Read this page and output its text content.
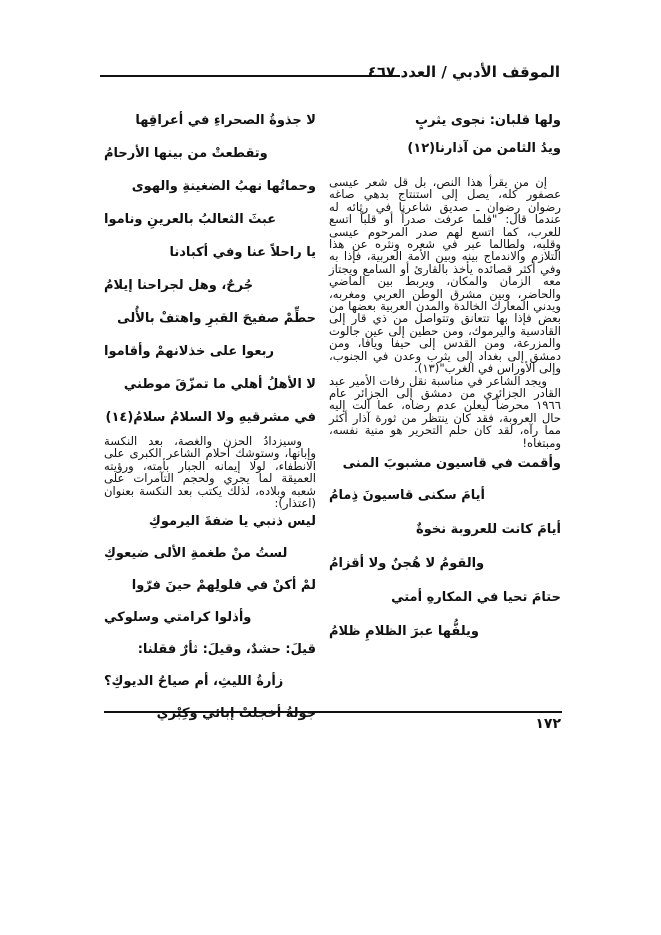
الموقف الأدبي / العدد ٤٦٧
ولها قلبان: نجوى يثربٍ
ويدُ الثامن من آذارنا(١٢)

إن من يقرأ هذا النص، بل قل شعر عيسى عصفور كله، يصل إلى استنتاج بدهي صاغه رضوان رضوان ـ صديق شاعرنا في رثائه له عندما قال: "فلما عرفت صدراً أو قلباً اتسع للعرب، كما اتسع لهم صدر المرحوم عيسى وقلبه، ولطالما عبر في شعره ونثره عن هذا التلازم والاندماج بينه وبين الأمة العربية، فإذا به وفي أكثر قصائده يأخذ بالقارئ أو السامع ويجتاز معه الزمان والمكان، ويربط بين الماضي والحاضر، وبين مشرق الوطن العربي ومغربه، ويدني المعارك الخالدة والمدن العربية بعضها من بعض فإذا بها تتعانق وتتواصل من ذي قار إلى القادسية واليرموك، ومن حطين إلى عين جالوت والمزرعة، ومن القدس إلى حيفا ويافا، ومن دمشق إلى بغداد إلى يثرب وعدن في الجنوب، وإلى الأوراس في الغرب"(١٣).

ويجد الشاعر في مناسبة نقل رفات الأمير عبد القادر الجزائري من دمشق إلى الجزائر عام ١٩٦٦ محرضاً ليعلن عدم رضاه، عما آلت إليه حال العروبة، فقد كان ينتظر من ثورة آذار أكثر مما رآه، لقد كان حلم التحرير هو منية نفسه، ومبتغاه!

وأقمت في قاسيون مشبوبَ المنى
أيامَ سكنى قاسيونَ ذِمامُ
أيامَ كانت للعروبة نخوةٌ
والقومُ لا هُجنٌ ولا أقزامُ
حتامَ تحيا في المكارهِ أمتي
ويلفُّها عبرَ الظلامِ ظلامُ
لا جذوةُ الصحراءِ في أعراقِها
وتقطعتْ من بينها الأرحامُ
وحماتُها نهبُ الضغينةِ والهوى
عبثَ الثعالبُ بالعرينِ وناموا
يا راحلاً عنا وفي أكبادنا
جُرحٌ، وهل لجراحنا إيلامُ
حطِّمْ صفيحَ القبرِ واهتفْ بالأُلى
ربعوا على خذلانهمْ وأقاموا
لا الأهلُ أهلي ما تمزّقَ موطني
في مشرقيهِ ولا السلامُ سلامُ(١٤)

وسيزدادُ الحزن والغصة، بعد النكسة وإبانها، وستوشك أحلام الشاعر الكبرى على الانطفاء، لولا إيمانه الجبار بأمته، ورؤيته العميقة لما يجري ولحجم التآمرات على شعبه وبلاده، لذلك يكتب بعد النكسة بعنوان (اعتذار):

ليس ذنبي يا ضفةَ اليرموكِ
لستُ منْ طغمةِ الألى ضيعوكِ
لمْ أكنْ في فلولِهمْ حينَ فرّوا
وأذلوا كرامتي وسلوكي
قيلَ: حشدٌ، وقيلَ: ثأرٌ فقلنا:
زأرةُ الليثِ، أم صياحُ الديوكِ؟
جولةُ أخجلتْ إبائي وكِبْري
١٧٢
